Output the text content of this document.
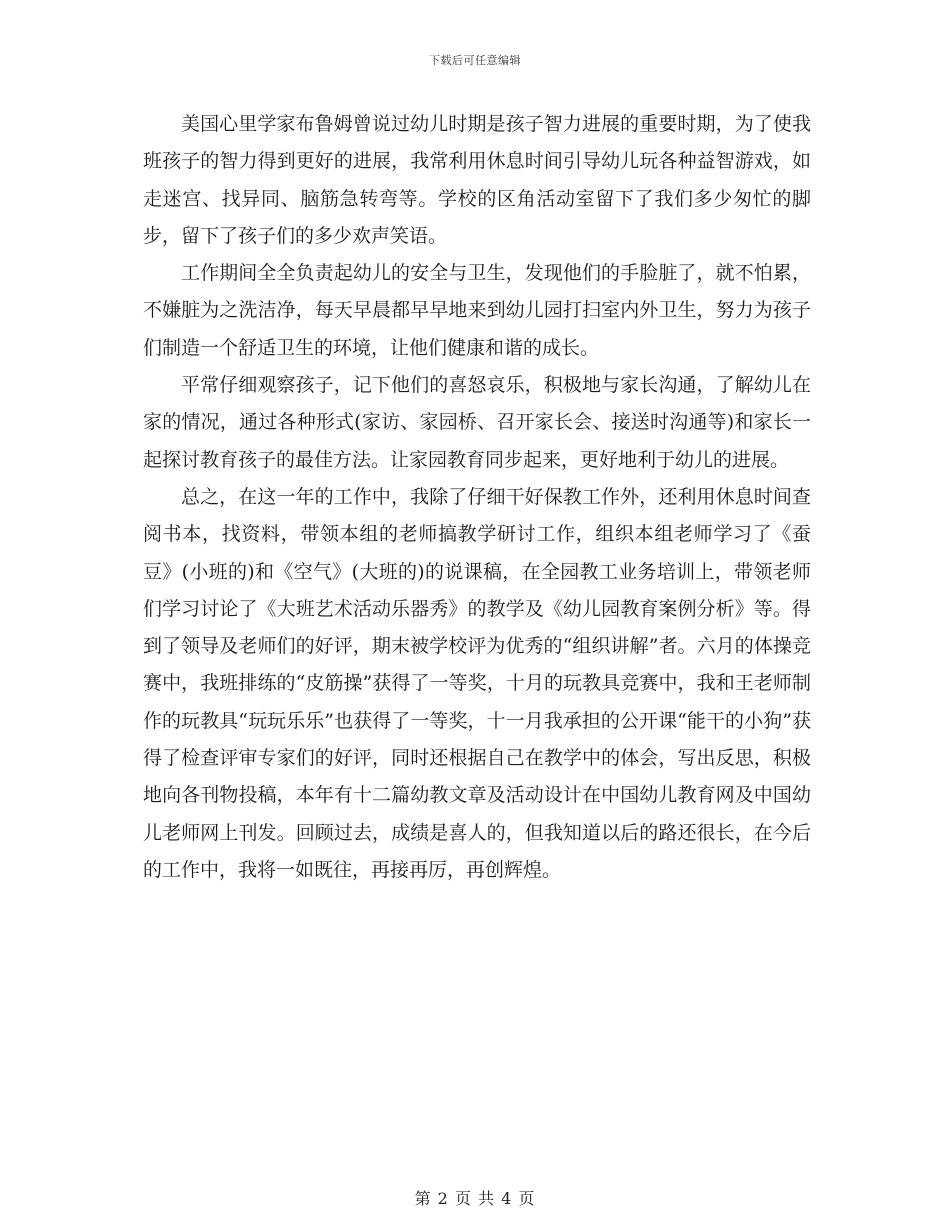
下载后可任意编辑

美国心里学家布鲁姆曾说过幼儿时期是孩子智力进展的重要时期，为了使我班孩子的智力得到更好的进展，我常利用休息时间引导幼儿玩各种益智游戏，如走迷宫、找异同、脑筋急转弯等。学校的区角活动室留下了我们多少匆忙的脚步，留下了孩子们的多少欢声笑语。

工作期间全全负责起幼儿的安全与卫生，发现他们的手脸脏了，就不怕累，不嫌脏为之洗洁净，每天早晨都早早地来到幼儿园打扫室内外卫生，努力为孩子们制造一个舒适卫生的环境，让他们健康和谐的成长。

平常仔细观察孩子，记下他们的喜怒哀乐，积极地与家长沟通，了解幼儿在家的情况，通过各种形式(家访、家园桥、召开家长会、接送时沟通等)和家长一起探讨教育孩子的最佳方法。让家园教育同步起来，更好地利于幼儿的进展。

总之，在这一年的工作中，我除了仔细干好保教工作外，还利用休息时间查阅书本，找资料，带领本组的老师搞教学研讨工作，组织本组老师学习了《蚕豆》(小班的)和《空气》(大班的)的说课稿，在全园教工业务培训上，带领老师们学习讨论了《大班艺术活动乐器秀》的教学及《幼儿园教育案例分析》等。得到了领导及老师们的好评，期末被学校评为优秀的“组织讲解”者。六月的体操竞赛中，我班排练的“皮筋操”获得了一等奖，十月的玩教具竞赛中，我和王老师制作的玩教具“玩玩乐乐”也获得了一等奖，十一月我承担的公开课“能干的小狗”获得了检查评审专家们的好评，同时还根据自己在教学中的体会，写出反思，积极地向各刊物投稿，本年有十二篇幼教文章及活动设计在中国幼儿教育网及中国幼儿老师网上刊发。回顾过去，成绩是喜人的，但我知道以后的路还很长，在今后的工作中，我将一如既往，再接再厉，再创辉煌。

第 2 页 共 4 页
